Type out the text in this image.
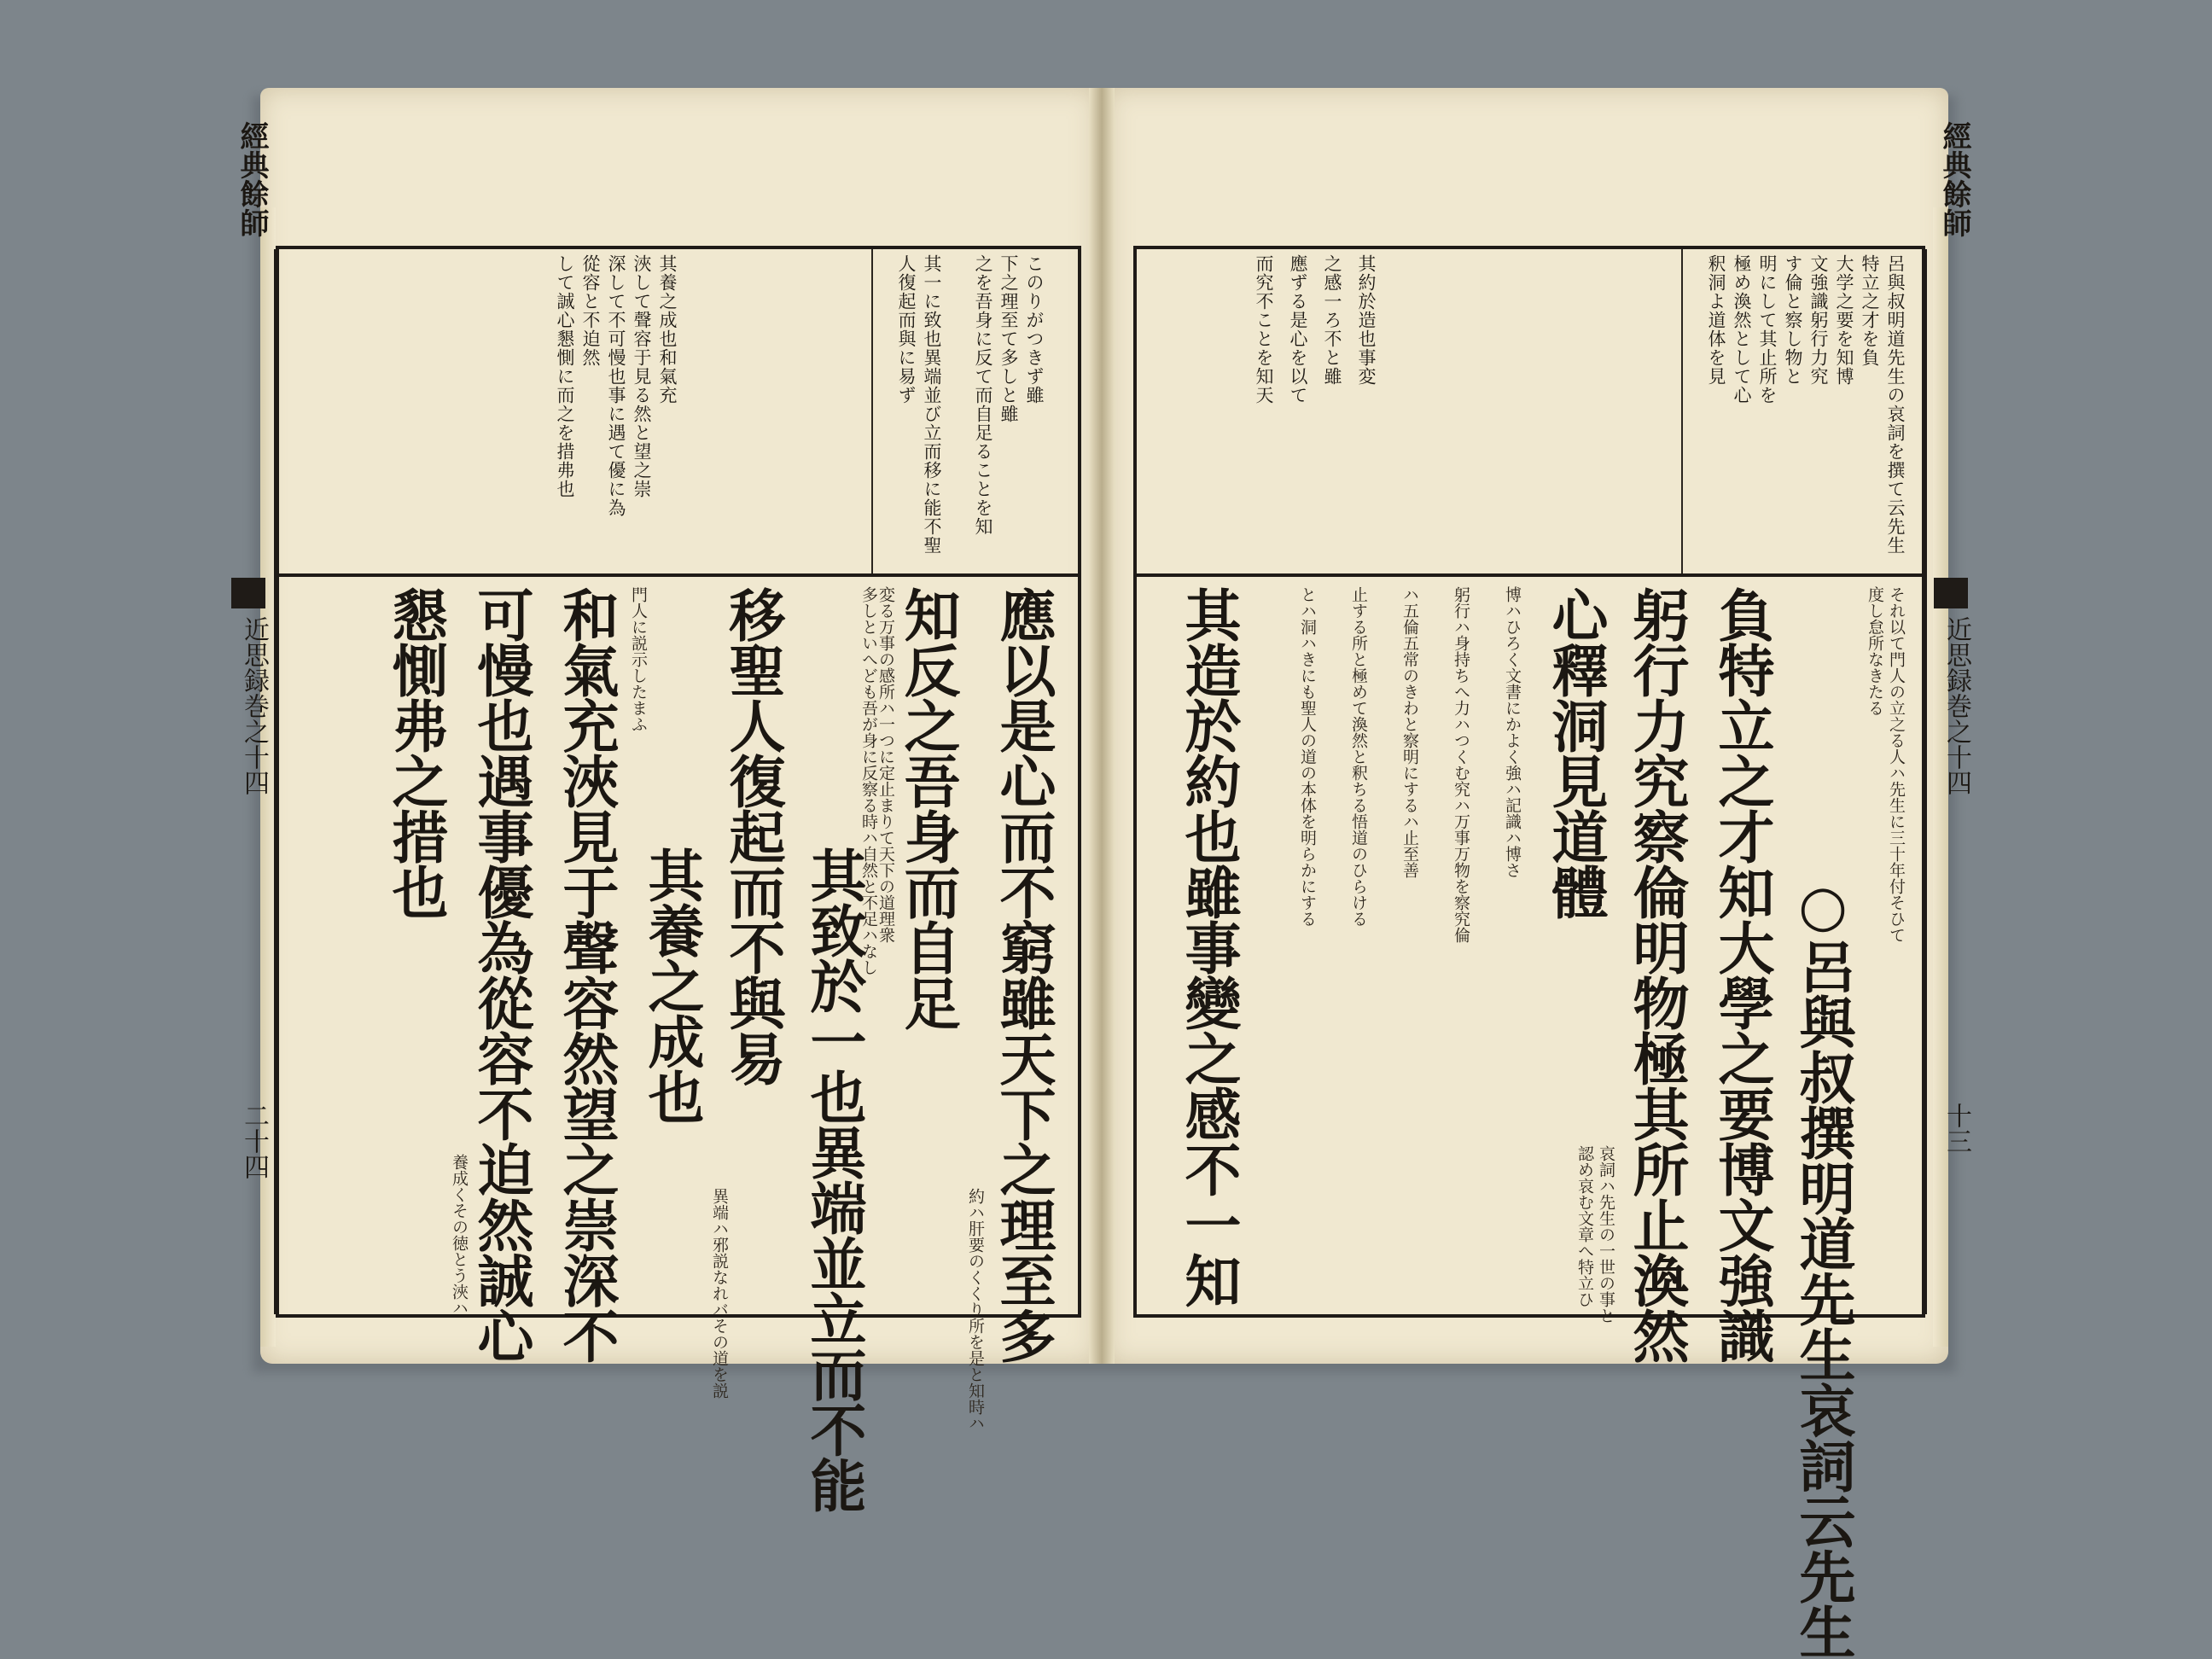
經典餘師
近思録巻之十四
二十四
このりがつきず雖
下之理至て多しと雖
之を吾身に反て而自足ることを知
其一に致也異端並び立而移に能不聖
人復起而與に易ず
其養之成也和氣充
浹して聲容于見る然と望之崇
深して不可慢也事に遇て優に為
從容と不迫然
して誠心懇惻に而之を措弗也
應以是心而不窮雖天下之理至多
知反之吾身而自足
其致於一也異端並立而不能
移聖人復起而不與易
其養之成也
和氣充浹見于聲容然望之崇深不
可慢也遇事優為從容不迫然誠心
懇惻弗之措也	変る万事の感所ハ一つに定止まりて天下の道理衆
多しといへども吾が身に反察る時ハ自然と不足ハなし
約ハ肝要のくくり所を是と知時ハ
異端ハ邪説なれバその道を説
門人に説示したまふ
養成くその徳とう浹ハ
經典餘師
近思録巻之十四
十三
呂與叔明道先生の哀詞を撰て云先生
特立之才を負
大学之要を知博
文強識躬行力究
す倫と察し物と
明にして其止所を
極め渙然として心
釈洞よ道体を見
其約於造也事変
之感一ろ不と雖
應ずる是心を以て
而究不ことを知天
○呂與叔撰明道先生哀詞云先生
負特立之才知大學之要博文強識
躬行力究察倫明物極其所止渙然
心釋洞見道體
其造於約也雖事變之感不一知	それ以て門人の立之る人ハ先生に三十年付そひて
度し怠所なきたる
哀詞ハ先生の一世の事と
認め哀む文章へ特立ひ
博ハひろく文書にかよく強ハ記識ハ博さ
躬行ハ身持ちへ力ハつくむ究ハ万事万物を察究倫
ハ五倫五常のきわと察明にするハ止至善
止する所と極めて渙然と釈ちる悟道のひらける
とハ洞ハきにも聖人の道の本体を明らかにする
